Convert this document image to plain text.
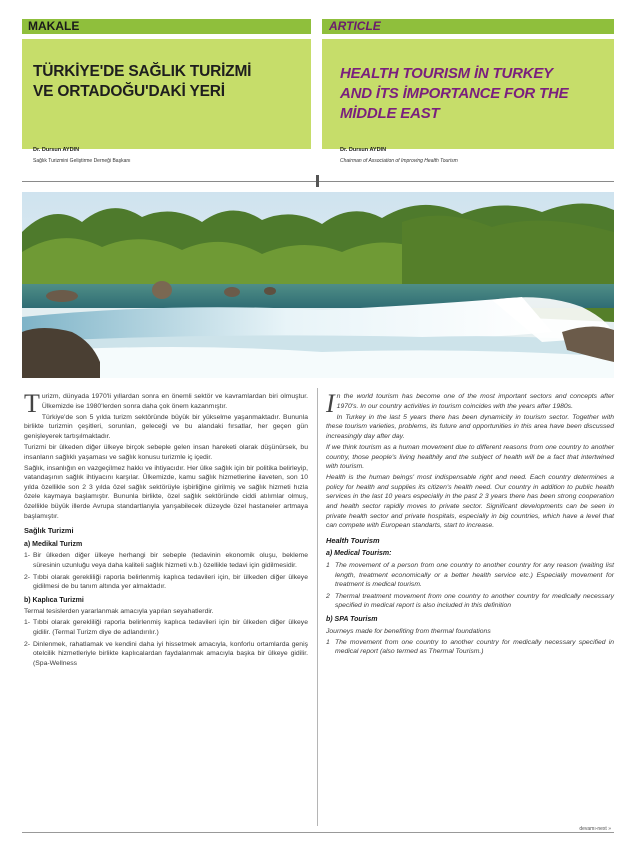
MAKALE	ARTICLE
TÜRKİYE'DE SAĞLIK TURİZMİ
VE ORTADOĞU'DAKİ YERİ
HEALTH TOURISM İN TURKEY
AND İTS İMPORTANCE FOR THE
MİDDLE EAST
Dr. Dursun AYDIN	Dr. Dursun AYDIN
Sağlık Turizmini Geliştirme Derneği Başkanı	Chairman of Association of Improving Health Tourism

Turizm, dünyada 1970'li yıllardan sonra en önemli sektör ve kavramlardan biri olmuştur. Ülkemizde ise 1980'lerden sonra daha çok önem kazanmıştır.

Türkiye'de son 5 yılda turizm sektöründe büyük bir yükselme yaşanmaktadır. Bununla birlikte turizmin çeşitleri, sorunları, geleceği ve bu alandaki fırsatlar, her geçen gün genişleyerek tartışılmaktadır.

Turizmi bir ülkeden diğer ülkeye birçok sebeple gelen insan hareketi olarak düşünürsek, bu insanların sağlıklı yaşaması ve sağlık konusu turizmle iç içedir.

Sağlık, insanlığın en vazgeçilmez hakkı ve ihtiyacıdır. Her ülke sağlık için bir politika belirleyip, vatandaşının sağlık ihtiyacını karşılar. Ülkemizde, kamu sağlık hizmetlerine ilaveten, son 10 yılda özellikle son 2 3 yılda özel sağlık sektörüyle işbirliğine girilmiş ve sağlık hizmeti hızla özele kaymaya başlamıştır. Bununla birlikte, özel sağlık sektöründe ciddi atılımlar olmuş, özellikle büyük illerde Avrupa standartlarıyla yarışabilecek düzeyde özel hastaneler artmaya başlamıştır.

Sağlık Turizmi
a) Medikal Turizm
1- Bir ülkeden diğer ülkeye herhangi bir sebeple (tedavinin ekonomik oluşu, bekleme süresinin uzunluğu veya daha kaliteli sağlık hizmeti v.b.) özellikle tedavi için gidilmesidir.
2- Tıbbi olarak gerekliliği raporla belirlenmiş kaplıca tedavileri için, bir ülkeden diğer ülkeye gidilmesi de bu tanım altında yer almaktadır.
b) Kaplıca Turizmi

Termal tesislerden yararlanmak amacıyla yapılan seyahatlerdir.

1- Tıbbi olarak gerekliliği raporla belirlenmiş kaplıca tedavileri için bir ülkeden diğer ülkeye gidilir. (Termal Turizm diye de adlandırılır.)
2- Dinlenmek, rahatlamak ve kendini daha iyi hissetmek amacıyla, konforlu ortamlarda geniş otelcilik hizmetleriyle birlikte kaplıcalardan faydalanmak amacıyla başka bir ülkeye gidilir. (Spa-Wellness

In the world tourism has become one of the most important sectors and concepts after 1970's. In our country activities in tourism coincides with the years after 1980s.

In Turkey in the last 5 years there has been dynamicity in tourism sector. Together with these tourism varieties, problems, its future and opportunities in this area have been discussed increasingly day after day.

If we think tourism as a human movement due to different reasons from one country to another country, those people's living healthily and the subject of health will be a fact that intertwined with tourism.

Health is the human beings' most indispensable right and need. Each country determines a policy for health and supplies its citizen's health need. Our country in addition to public health services in the last 10 years especially in the past 2 3 years there has been strong cooperation and health sector rapidly moves to private sector. Significant developments can be seen in private health sector and private hospitals, especially in big countries, which have a level that can compete with European standarts, start to increase.

Health Tourism
a) Medical Tourism:
1 The movement of a person from one country to another country for any reason (waiting list length, treatment economically or a better health service etc.) Especially movement for treatment is medical tourism.
2 Thermal treatment movement from one country to another country for medically necessary specified in medical report is also included in this definition
b) SPA Tourism

Journeys made for benefiting from thermal foundations

1 The movement from one country to another country for medically necessary specified in medical report (also termed as Thermal Tourism.)
devamı-next »
